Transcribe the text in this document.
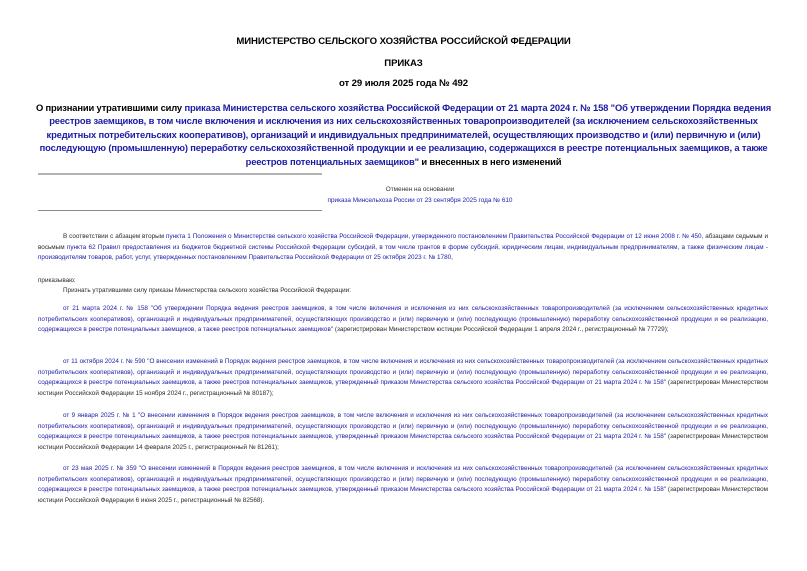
МИНИСТЕРСТВО СЕЛЬСКОГО ХОЗЯЙСТВА РОССИЙСКОЙ ФЕДЕРАЦИИ
ПРИКАЗ
от 29 июля 2025 года № 492
О признании утратившими силу приказа Министерства сельского хозяйства Российской Федерации от 21 марта 2024 г. № 158 "Об утверждении Порядка ведения реестров заемщиков, в том числе включения и исключения из них сельскохозяйственных товаропроизводителей (за исключением сельскохозяйственных кредитных потребительских кооперативов), организаций и индивидуальных предпринимателей, осуществляющих производство и (или) первичную и (или) последующую (промышленную) переработку сельскохозяйственной продукции и ее реализацию, содержащихся в реестре потенциальных заемщиков, а также реестров потенциальных заемщиков" и внесенных в него изменений
Отменен на основании
приказа Минсельхоза России от 23 сентября 2025 года № 610
В соответствии с абзацем вторым пункта 1 Положения о Министерстве сельского хозяйства Российской Федерации, утвержденного постановлением Правительства Российской Федерации от 12 июня 2008 г. № 450, абзацами седьмым и восьмым пункта 62 Правил предоставления из бюджетов бюджетной системы Российской Федерации субсидий, в том числе грантов в форме субсидий, юридическим лицам, индивидуальным предпринимателям, а также физическим лицам - производителям товаров, работ, услуг, утвержденных постановлением Правительства Российской Федерации от 25 октября 2023 г. № 1780,
приказываю:
Признать утратившими силу приказы Министерства сельского хозяйства Российской Федерации:
от 21 марта 2024 г. № 158 "Об утверждении Порядка ведения реестров заемщиков, в том числе включения и исключения из них сельскохозяйственных товаропроизводителей (за исключением сельскохозяйственных кредитных потребительских кооперативов), организаций и индивидуальных предпринимателей, осуществляющих производство и (или) первичную и (или) последующую (промышленную) переработку сельскохозяйственной продукции и ее реализацию, содержащихся в реестре потенциальных заемщиков, а также реестров потенциальных заемщиков" (зарегистрирован Министерством юстиции Российской Федерации 1 апреля 2024 г., регистрационный № 77729);
от 11 октября 2024 г. № 590 "О внесении изменений в Порядок ведения реестров заемщиков, в том числе включения и исключения из них сельскохозяйственных товаропроизводителей (за исключением сельскохозяйственных кредитных потребительских кооперативов), организаций и индивидуальных предпринимателей, осуществляющих производство и (или) первичную и (или) последующую (промышленную) переработку сельскохозяйственной продукции и ее реализацию, содержащихся в реестре потенциальных заемщиков, а также реестров потенциальных заемщиков, утвержденный приказом Министерства сельского хозяйства Российской Федерации от 21 марта 2024 г. № 158" (зарегистрирован Министерством юстиции Российской Федерации 15 ноября 2024 г., регистрационный № 80187);
от 9 января 2025 г. № 1 "О внесении изменения в Порядок ведения реестров заемщиков, в том числе включения и исключения из них сельскохозяйственных товаропроизводителей (за исключением сельскохозяйственных кредитных потребительских кооперативов), организаций и индивидуальных предпринимателей, осуществляющих производство и (или) первичную и (или) последующую (промышленную) переработку сельскохозяйственной продукции и ее реализацию, содержащихся в реестре потенциальных заемщиков, а также реестров потенциальных заемщиков, утвержденный приказом Министерства сельского хозяйства Российской Федерации от 21 марта 2024 г. № 158" (зарегистрирован Министерством юстиции Российской Федерации 14 февраля 2025 г., регистрационный № 81261);
от 23 мая 2025 г. № 359 "О внесении изменений в Порядок ведения реестров заемщиков, в том числе включения и исключения из них сельскохозяйственных товаропроизводителей (за исключением сельскохозяйственных кредитных потребительских кооперативов), организаций и индивидуальных предпринимателей, осуществляющих производство и (или) первичную и (или) последующую (промышленную) переработку сельскохозяйственной продукции и ее реализацию, содержащихся в реестре потенциальных заемщиков, а также реестров потенциальных заемщиков, утвержденный приказом Министерства сельского хозяйства Российской Федерации от 21 марта 2024 г. № 158" (зарегистрирован Министерством юстиции Российской Федерации 6 июня 2025 г., регистрационный № 82568).
